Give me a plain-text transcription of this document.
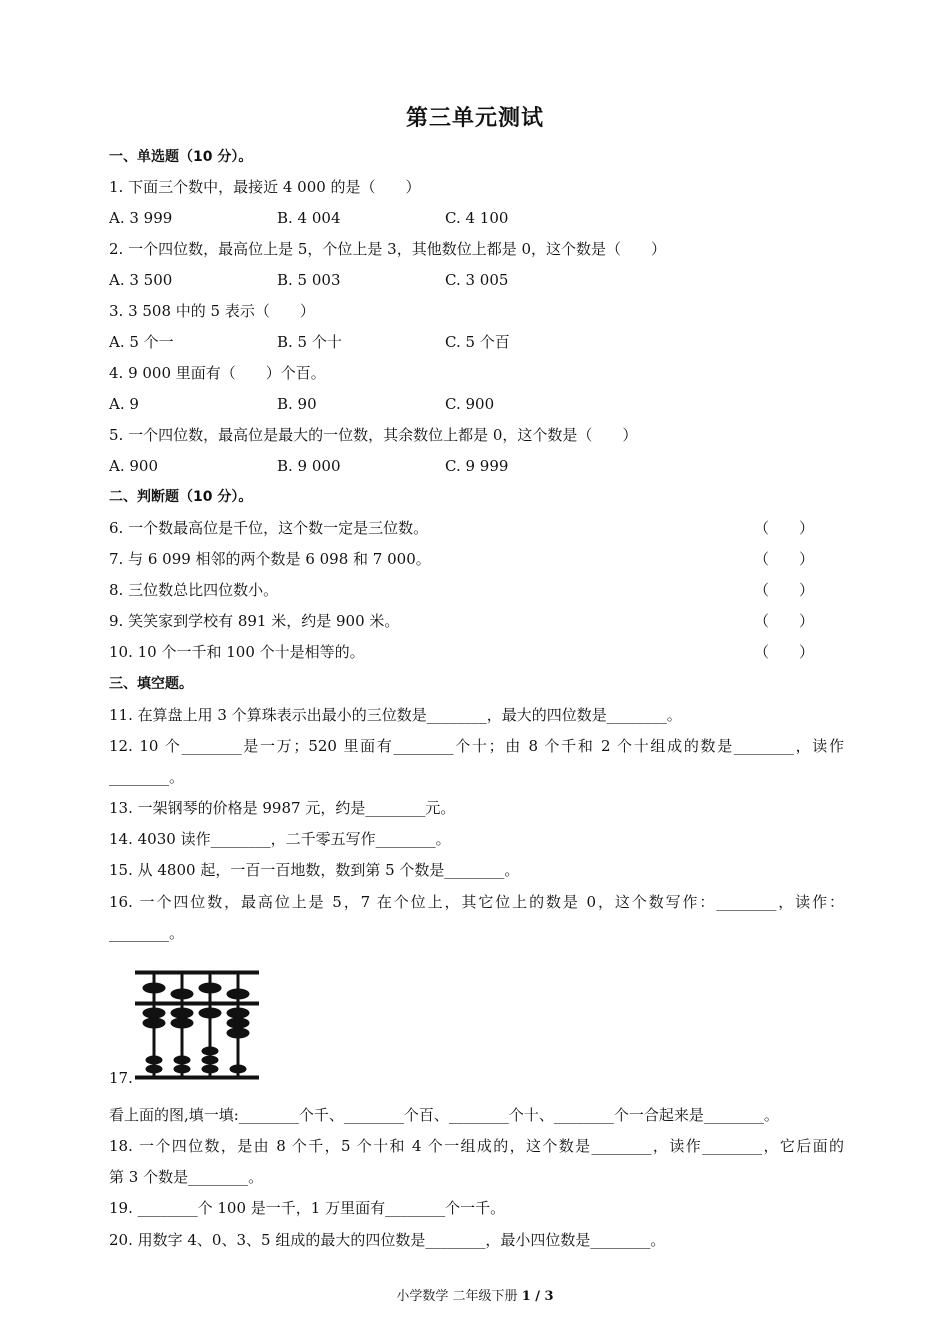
第三单元测试
一、单选题（10 分）。
1. 下面三个数中，最接近 4 000 的是（　　）
A. 3 999	B. 4 004	C. 4 100
2. 一个四位数，最高位上是 5，个位上是 3，其他数位上都是 0，这个数是（　　）
A. 3 500	B. 5 003	C. 3 005
3. 3 508 中的 5 表示（　　）
A. 5 个一	B. 5 个十	C. 5 个百
4. 9 000 里面有（　　）个百。
A. 9	B. 90	C. 900
5. 一个四位数，最高位是最大的一位数，其余数位上都是 0，这个数是（　　）
A. 900	B. 9 000	C. 9 999
二、判断题（10 分）。
6. 一个数最高位是千位，这个数一定是三位数。	（　　）
7. 与 6 099 相邻的两个数是 6 098 和 7 000。	（　　）
8. 三位数总比四位数小。	（　　）
9. 笑笑家到学校有 891 米，约是 900 米。	（　　）
10. 10 个一千和 100 个十是相等的。	（　　）
三、填空题。
11. 在算盘上用 3 个算珠表示出最小的三位数是________，最大的四位数是________。
12. 10 个________是一万；520 里面有________个十；由 8 个千和 2 个十组成的数是________，读作
________。
13. 一架钢琴的价格是 9987 元，约是________元。
14. 4030 读作________，二千零五写作________。
15. 从 4800 起，一百一百地数，数到第 5 个数是________。
16. 一个四位数，最高位上是 5，7 在个位上，其它位上的数是 0，这个数写作：________，读作：
________。
17.
看上面的图,填一填:________个千、________个百、________个十、________个一合起来是________。
18. 一个四位数，是由 8 个千，5 个十和 4 个一组成的，这个数是________，读作________，它后面的
第 3 个数是________。
19. ________个 100 是一千，1 万里面有________个一千。
20. 用数字 4、0、3、5 组成的最大的四位数是________，最小四位数是________。
小学数学 二年级下册 1 / 3
